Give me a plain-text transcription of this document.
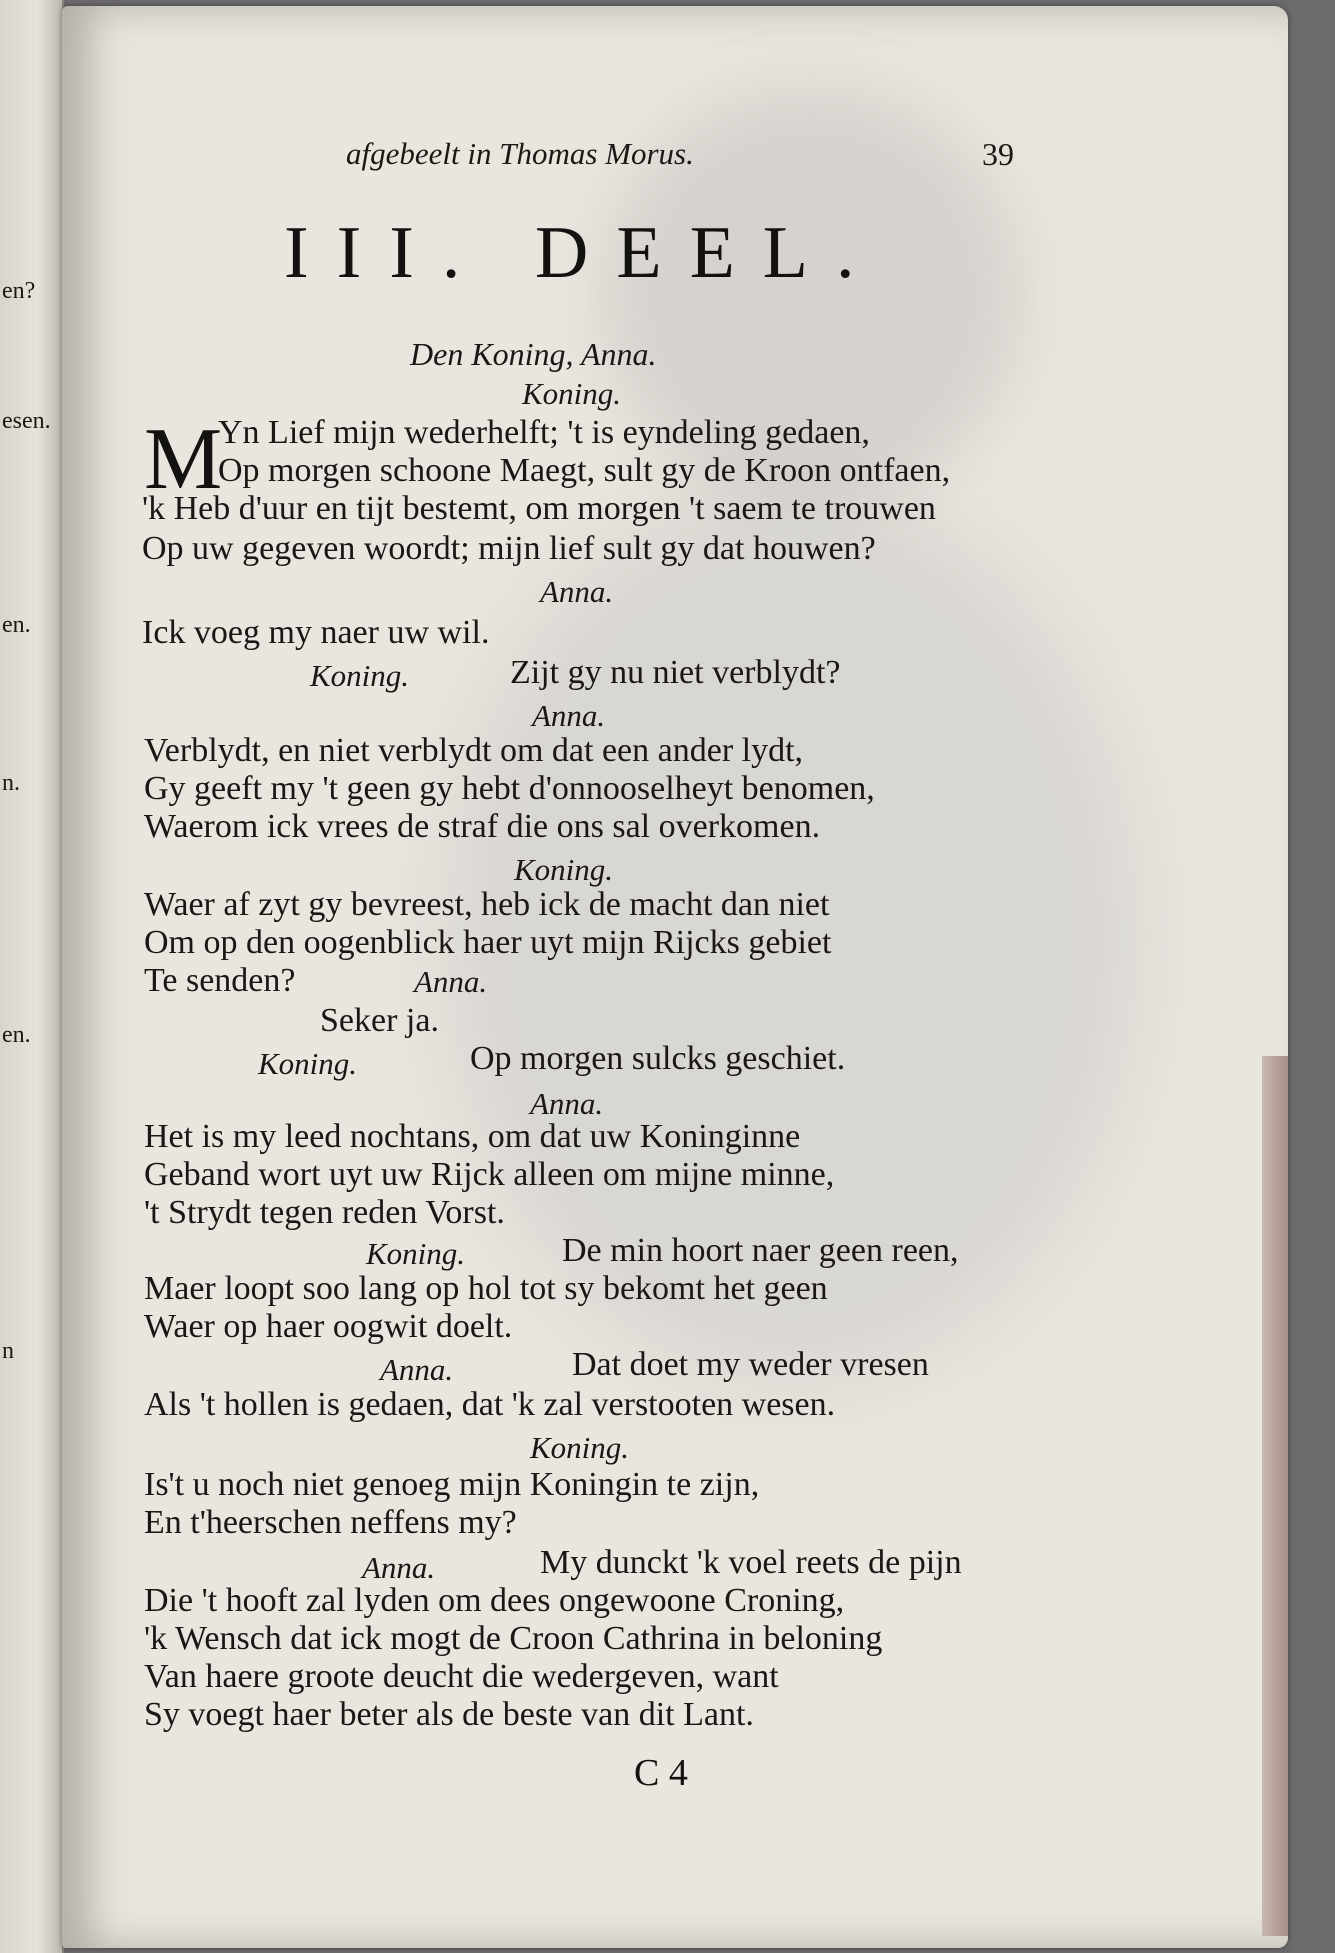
en?
esen.
en.
n.
en.
n
afgebeelt in Thomas Morus.	39
III. DEEL.
Den Koning, Anna.
Koning.
M
Yn Lief mijn wederhelft; 't is eyndeling gedaen,
Op morgen schoone Maegt, sult gy de Kroon ontfaen,
'k Heb d'uur en tijt bestemt, om morgen 't saem te trouwen
Op uw gegeven woordt; mijn lief sult gy dat houwen?
Anna.
Ick voeg my naer uw wil.
Koning.	Zijt gy nu niet verblydt?
Anna.
Verblydt, en niet verblydt om dat een ander lydt,
Gy geeft my 't geen gy hebt d'onnooselheyt benomen,
Waerom ick vrees de straf die ons sal overkomen.
Koning.
Waer af zyt gy bevreest, heb ick de macht dan niet
Om op den oogenblick haer uyt mijn Rijcks gebiet
Te senden?	Anna.
Seker ja.
Koning.	Op morgen sulcks geschiet.
Anna.
Het is my leed nochtans, om dat uw Koninginne
Geband wort uyt uw Rijck alleen om mijne minne,
't Strydt tegen reden Vorst.
Koning.	De min hoort naer geen reen,
Maer loopt soo lang op hol tot sy bekomt het geen
Waer op haer oogwit doelt.
Anna.	Dat doet my weder vresen
Als 't hollen is gedaen, dat 'k zal verstooten wesen.
Koning.
Is't u noch niet genoeg mijn Koningin te zijn,
En t'heerschen neffens my?
Anna.	My dunckt 'k voel reets de pijn
Die 't hooft zal lyden om dees ongewoone Croning,
'k Wensch dat ick mogt de Croon Cathrina in beloning
Van haere groote deucht die wedergeven, want
Sy voegt haer beter als de beste van dit Lant.
C 4
